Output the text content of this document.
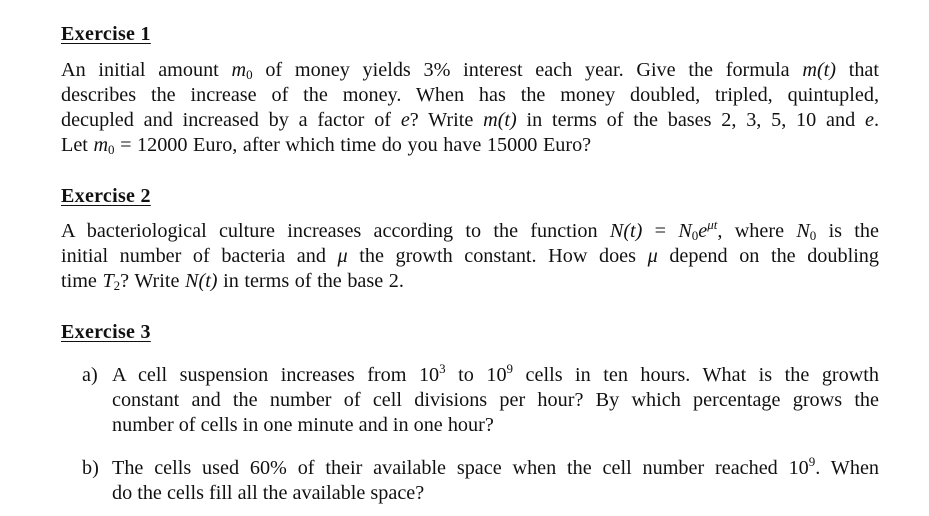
Exercise 1
An initial amount $m_0$ of money yields 3% interest each year. Give the formula m(t) that
describes the increase of the money. When has the money doubled, tripled, quintupled,
decupled and increased by a factor of e? Write m(t) in terms of the bases 2, 3, 5, 10 and e.
Let $m_0 = 12000$ Euro, after which time do you have 15000 Euro?
Exercise 2
A bacteriological culture increases according to the function $N(t) = N_0e^{\mu t}$, where $N_0$ is the
initial number of bacteria and μ the growth constant. How does μ depend on the doubling
time $T_2$? Write N(t) in terms of the base 2.
Exercise 3
a) A cell suspension increases from $10^3$ to $10^9$ cells in ten hours. What is the growth
constant and the number of cell divisions per hour? By which percentage grows the
number of cells in one minute and in one hour?
b) The cells used 60% of their available space when the cell number reached $10^9$. When
do the cells fill all the available space?
